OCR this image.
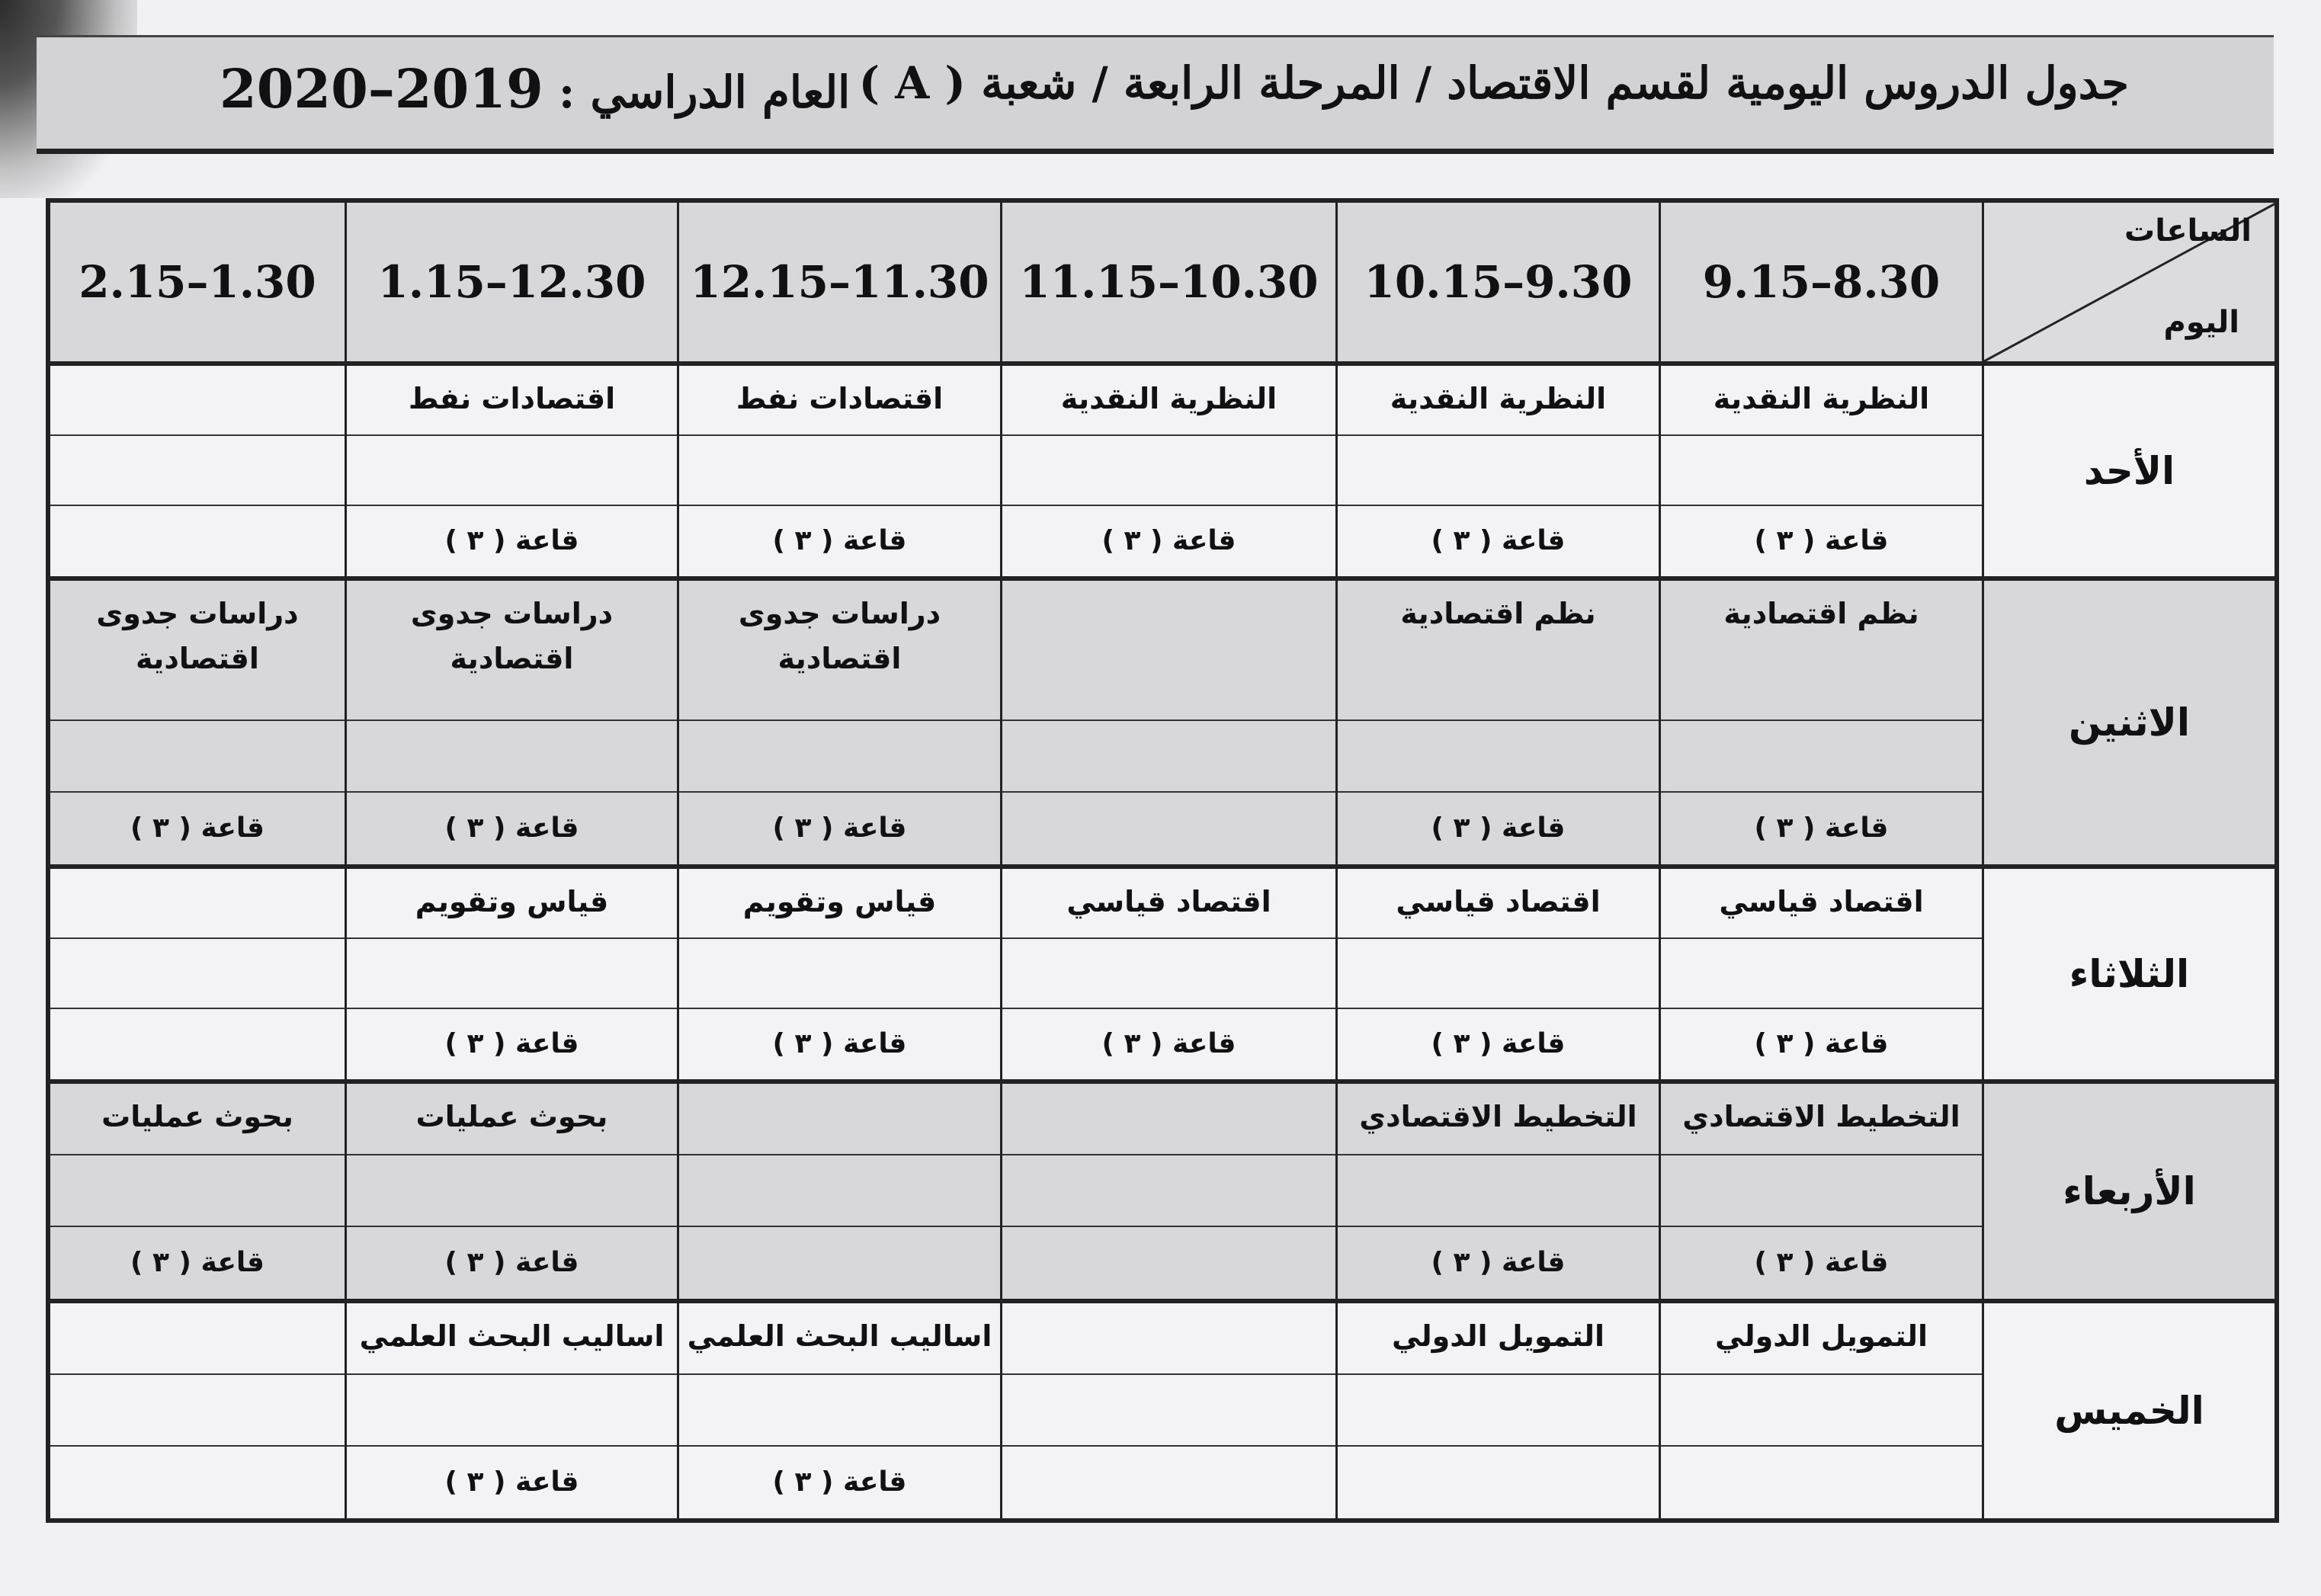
جدول الدروس اليومية لقسم الاقتصاد / المرحلة الرابعة / شعبة ( A )
العام الدراسي : 2020–2019
الساعات
اليوم
9.15–8.30
10.15–9.30
11.15–10.30
12.15–11.30
1.15–12.30
2.15–1.30
الأحد
النظرية النقدية
قاعة ( ٣ )
النظرية النقدية
قاعة ( ٣ )
النظرية النقدية
قاعة ( ٣ )
اقتصادات نفط
قاعة ( ٣ )
اقتصادات نفط
قاعة ( ٣ )
الاثنين
نظم اقتصادية
قاعة ( ٣ )
نظم اقتصادية
قاعة ( ٣ )
دراسات جدوى اقتصادية
قاعة ( ٣ )
دراسات جدوى اقتصادية
قاعة ( ٣ )
دراسات جدوى اقتصادية
قاعة ( ٣ )
الثلاثاء
اقتصاد قياسي
قاعة ( ٣ )
اقتصاد قياسي
قاعة ( ٣ )
اقتصاد قياسي
قاعة ( ٣ )
قياس وتقويم
قاعة ( ٣ )
قياس وتقويم
قاعة ( ٣ )
الأربعاء
التخطيط الاقتصادي
قاعة ( ٣ )
التخطيط الاقتصادي
قاعة ( ٣ )
بحوث عمليات
قاعة ( ٣ )
بحوث عمليات
قاعة ( ٣ )
الخميس
التمويل الدولي
التمويل الدولي
اساليب البحث العلمي
قاعة ( ٣ )
اساليب البحث العلمي
قاعة ( ٣ )
